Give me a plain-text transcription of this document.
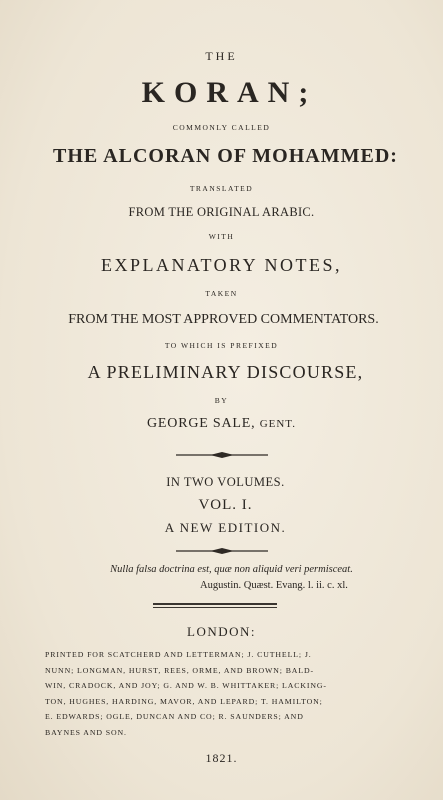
THE
KORAN;
COMMONLY CALLED
THE ALCORAN OF MOHAMMED:
TRANSLATED
FROM THE ORIGINAL ARABIC.
WITH
EXPLANATORY NOTES,
TAKEN
FROM THE MOST APPROVED COMMENTATORS.
TO WHICH IS PREFIXED
A PRELIMINARY DISCOURSE,
BY
GEORGE SALE, GENT.
IN TWO VOLUMES.
VOL. I.
A NEW EDITION.
Nulla falsa doctrina est, quæ non aliquid veri permisceat.
Augustin. Quæst. Evang. l. ii. c. xl.
LONDON:
PRINTED FOR SCATCHERD AND LETTERMAN; J. CUTHELL; J.
NUNN; LONGMAN, HURST, REES, ORME, AND BROWN; BALD-
WIN, CRADOCK, AND JOY; G. AND W. B. WHITTAKER; LACKING-
TON, HUGHES, HARDING, MAVOR, AND LEPARD; T. HAMILTON;
E. EDWARDS; OGLE, DUNCAN AND CO; R. SAUNDERS; AND
BAYNES AND SON.
1821.
